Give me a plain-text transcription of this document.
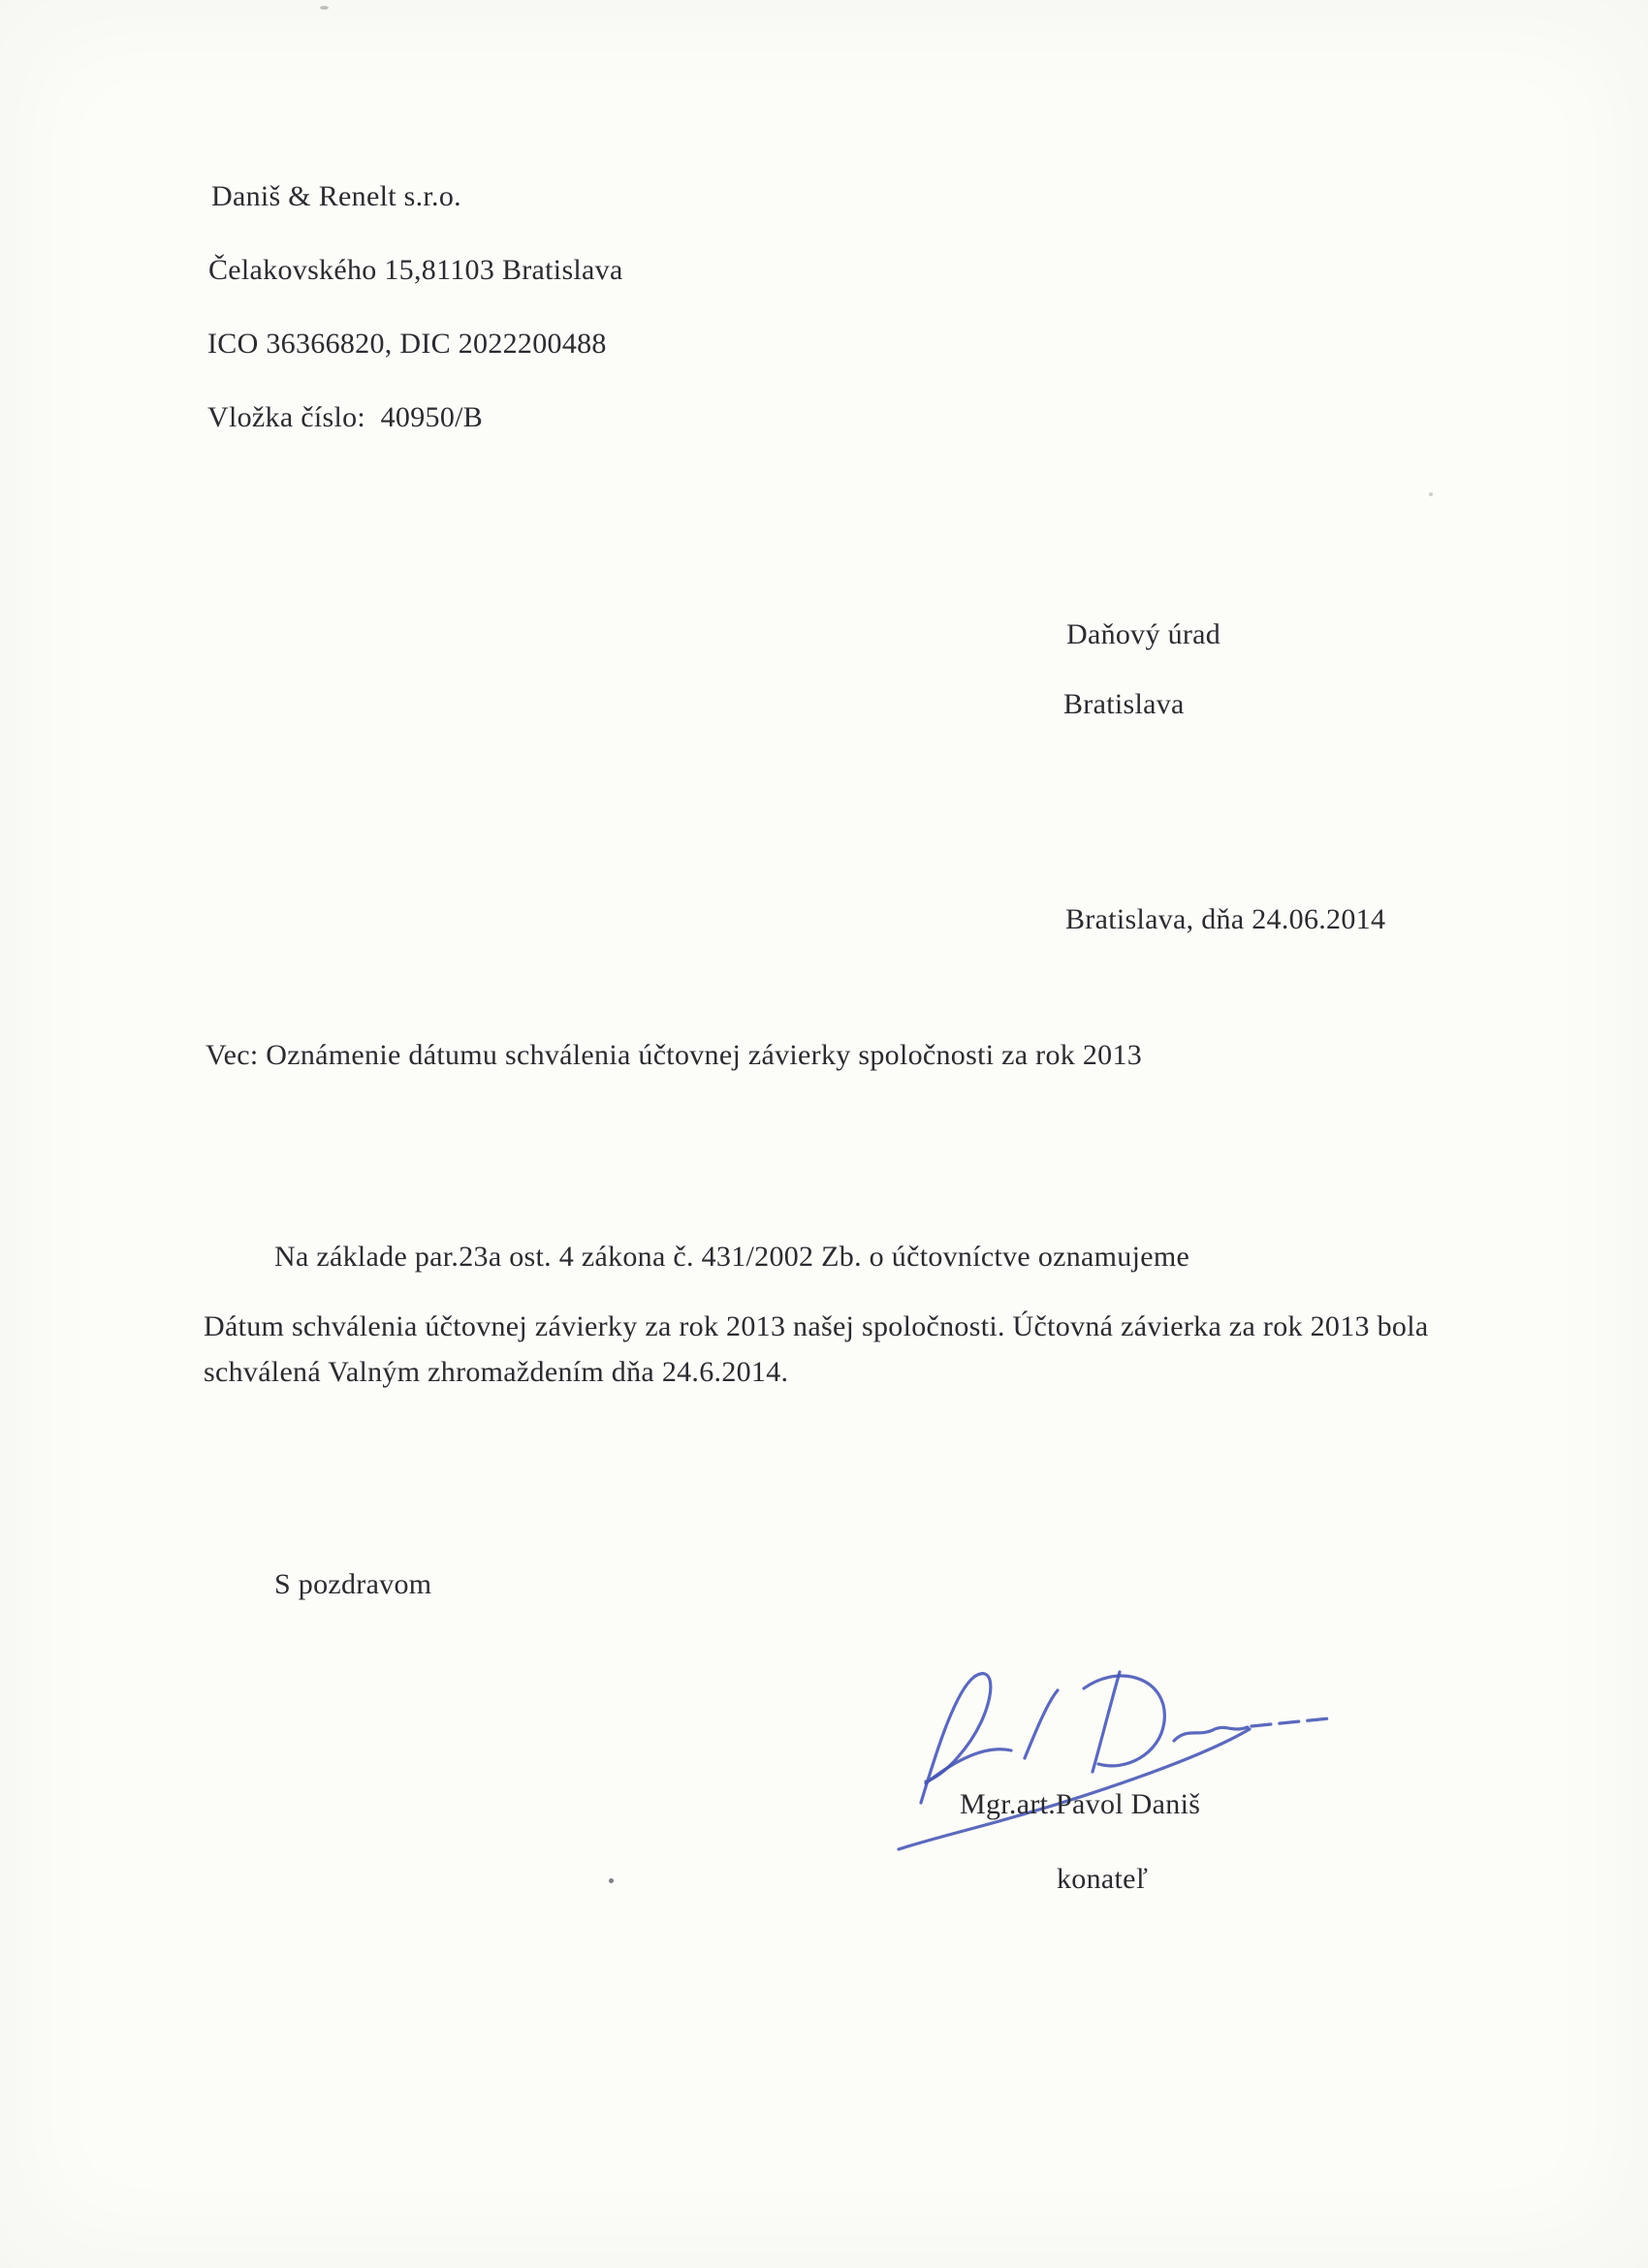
Daniš & Renelt s.r.o.
Čelakovského 15,81103 Bratislava
ICO 36366820, DIC 2022200488
Vložka číslo:  40950/B
Daňový úrad
Bratislava
Bratislava, dňa 24.06.2014
Vec: Oznámenie dátumu schválenia účtovnej závierky spoločnosti za rok 2013
Na základe par.23a ost. 4 zákona č. 431/2002 Zb. o účtovníctve oznamujeme
Dátum schválenia účtovnej závierky za rok 2013 našej spoločnosti. Účtovná závierka za rok 2013 bola schválená Valným zhromaždením dňa 24.6.2014.
S pozdravom
Mgr.art.Pavol Daniš
konateľ
